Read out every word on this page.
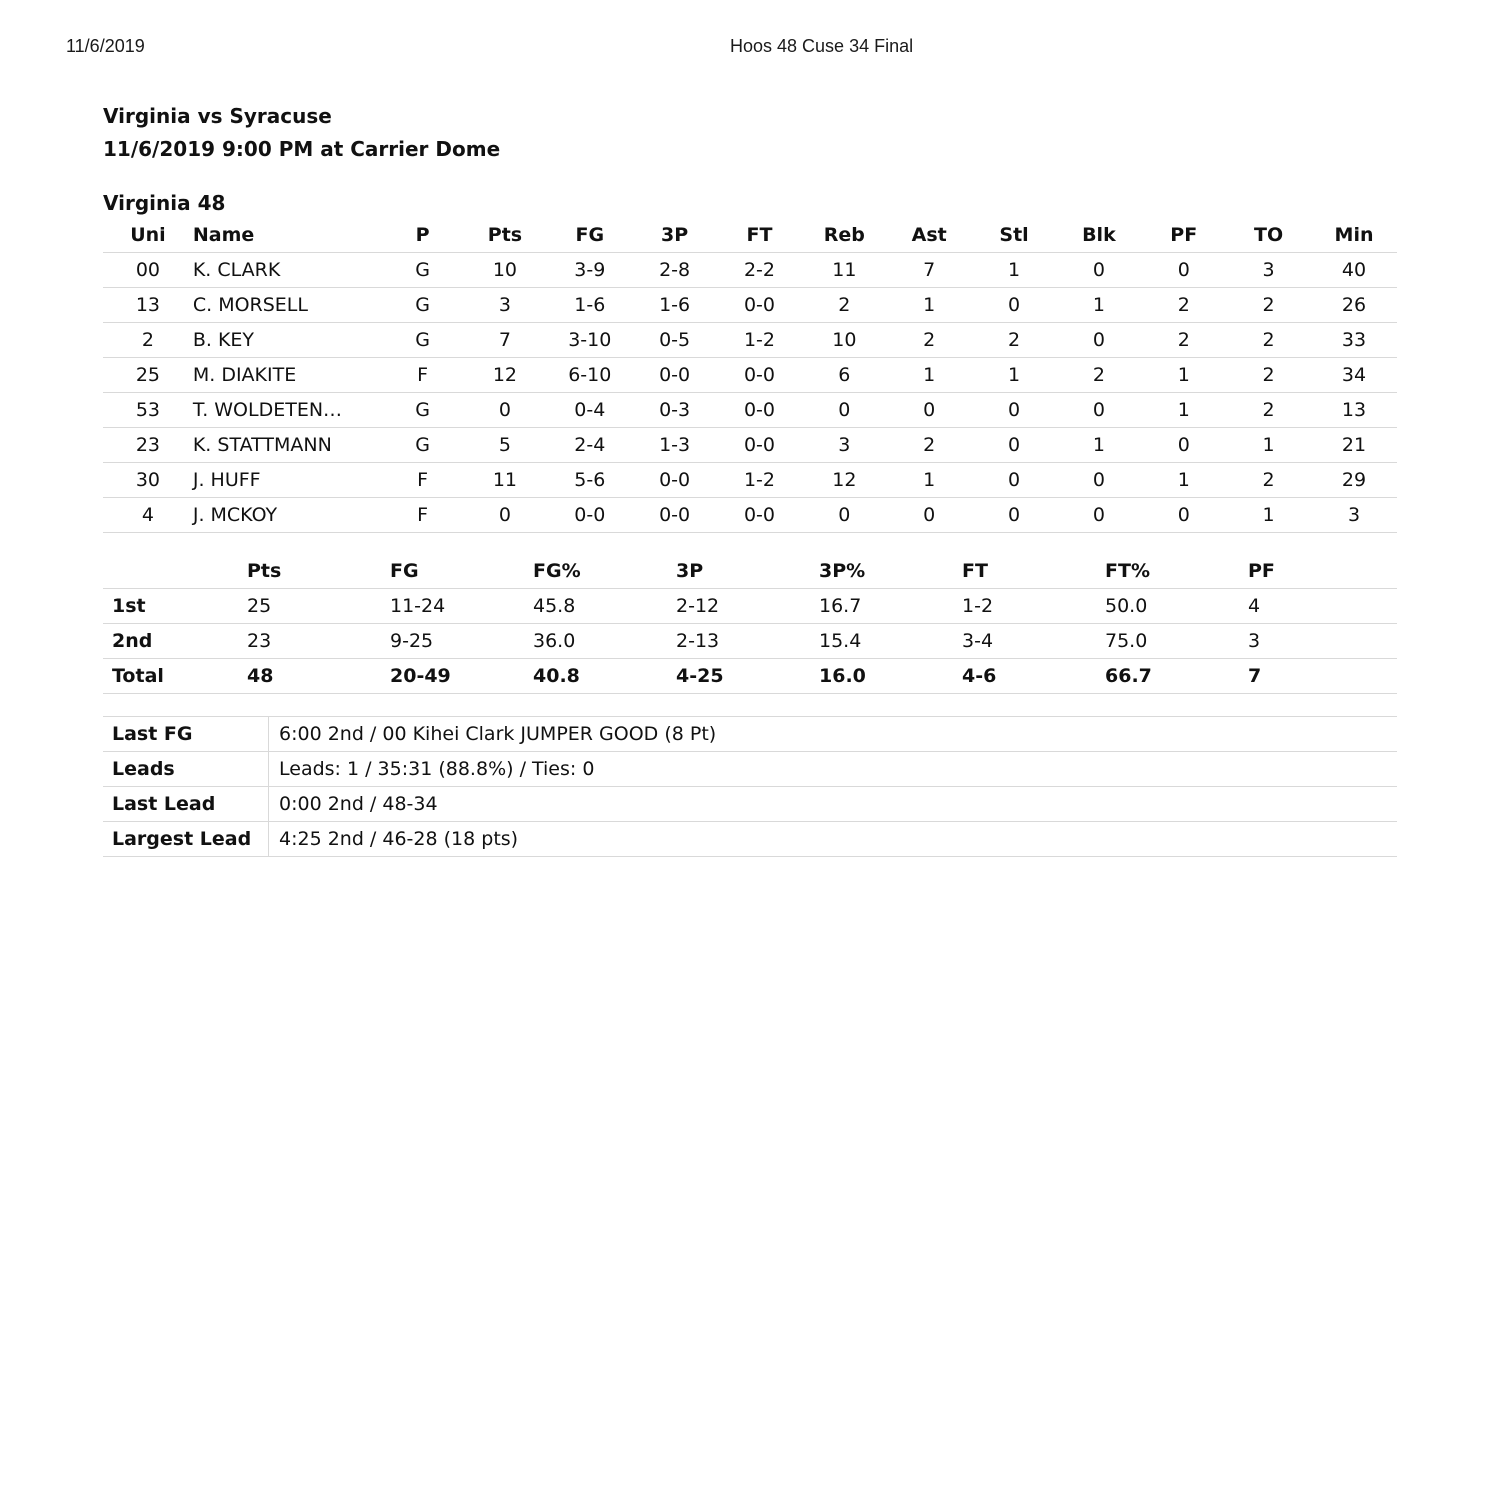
11/6/2019	Hoos 48 Cuse 34 Final
Virginia vs Syracuse
11/6/2019 9:00 PM at Carrier Dome
Virginia 48
Uni	Name	P	Pts	FG	3P	FT	Reb	Ast	Stl	Blk	PF	TO	Min
00	K. CLARK	G	10	3-9	2-8	2-2	11	7	1	0	0	3	40
13	C. MORSELL	G	3	1-6	1-6	0-0	2	1	0	1	2	2	26
2	B. KEY	G	7	3-10	0-5	1-2	10	2	2	0	2	2	33
25	M. DIAKITE	F	12	6-10	0-0	0-0	6	1	1	2	1	2	34
53	T. WOLDETEN…	G	0	0-4	0-3	0-0	0	0	0	0	1	2	13
23	K. STATTMANN	G	5	2-4	1-3	0-0	3	2	0	1	0	1	21
30	J. HUFF	F	11	5-6	0-0	1-2	12	1	0	0	1	2	29
4	J. MCKOY	F	0	0-0	0-0	0-0	0	0	0	0	0	1	3
	Pts	FG	FG%	3P	3P%	FT	FT%	PF
1st	25	11-24	45.8	2-12	16.7	1-2	50.0	4
2nd	23	9-25	36.0	2-13	15.4	3-4	75.0	3
Total	48	20-49	40.8	4-25	16.0	4-6	66.7	7
Last FG	6:00 2nd / 00 Kihei Clark JUMPER GOOD (8 Pt)
Leads	Leads: 1 / 35:31 (88.8%) / Ties: 0
Last Lead	0:00 2nd / 48-34
Largest Lead	4:25 2nd / 46-28 (18 pts)
